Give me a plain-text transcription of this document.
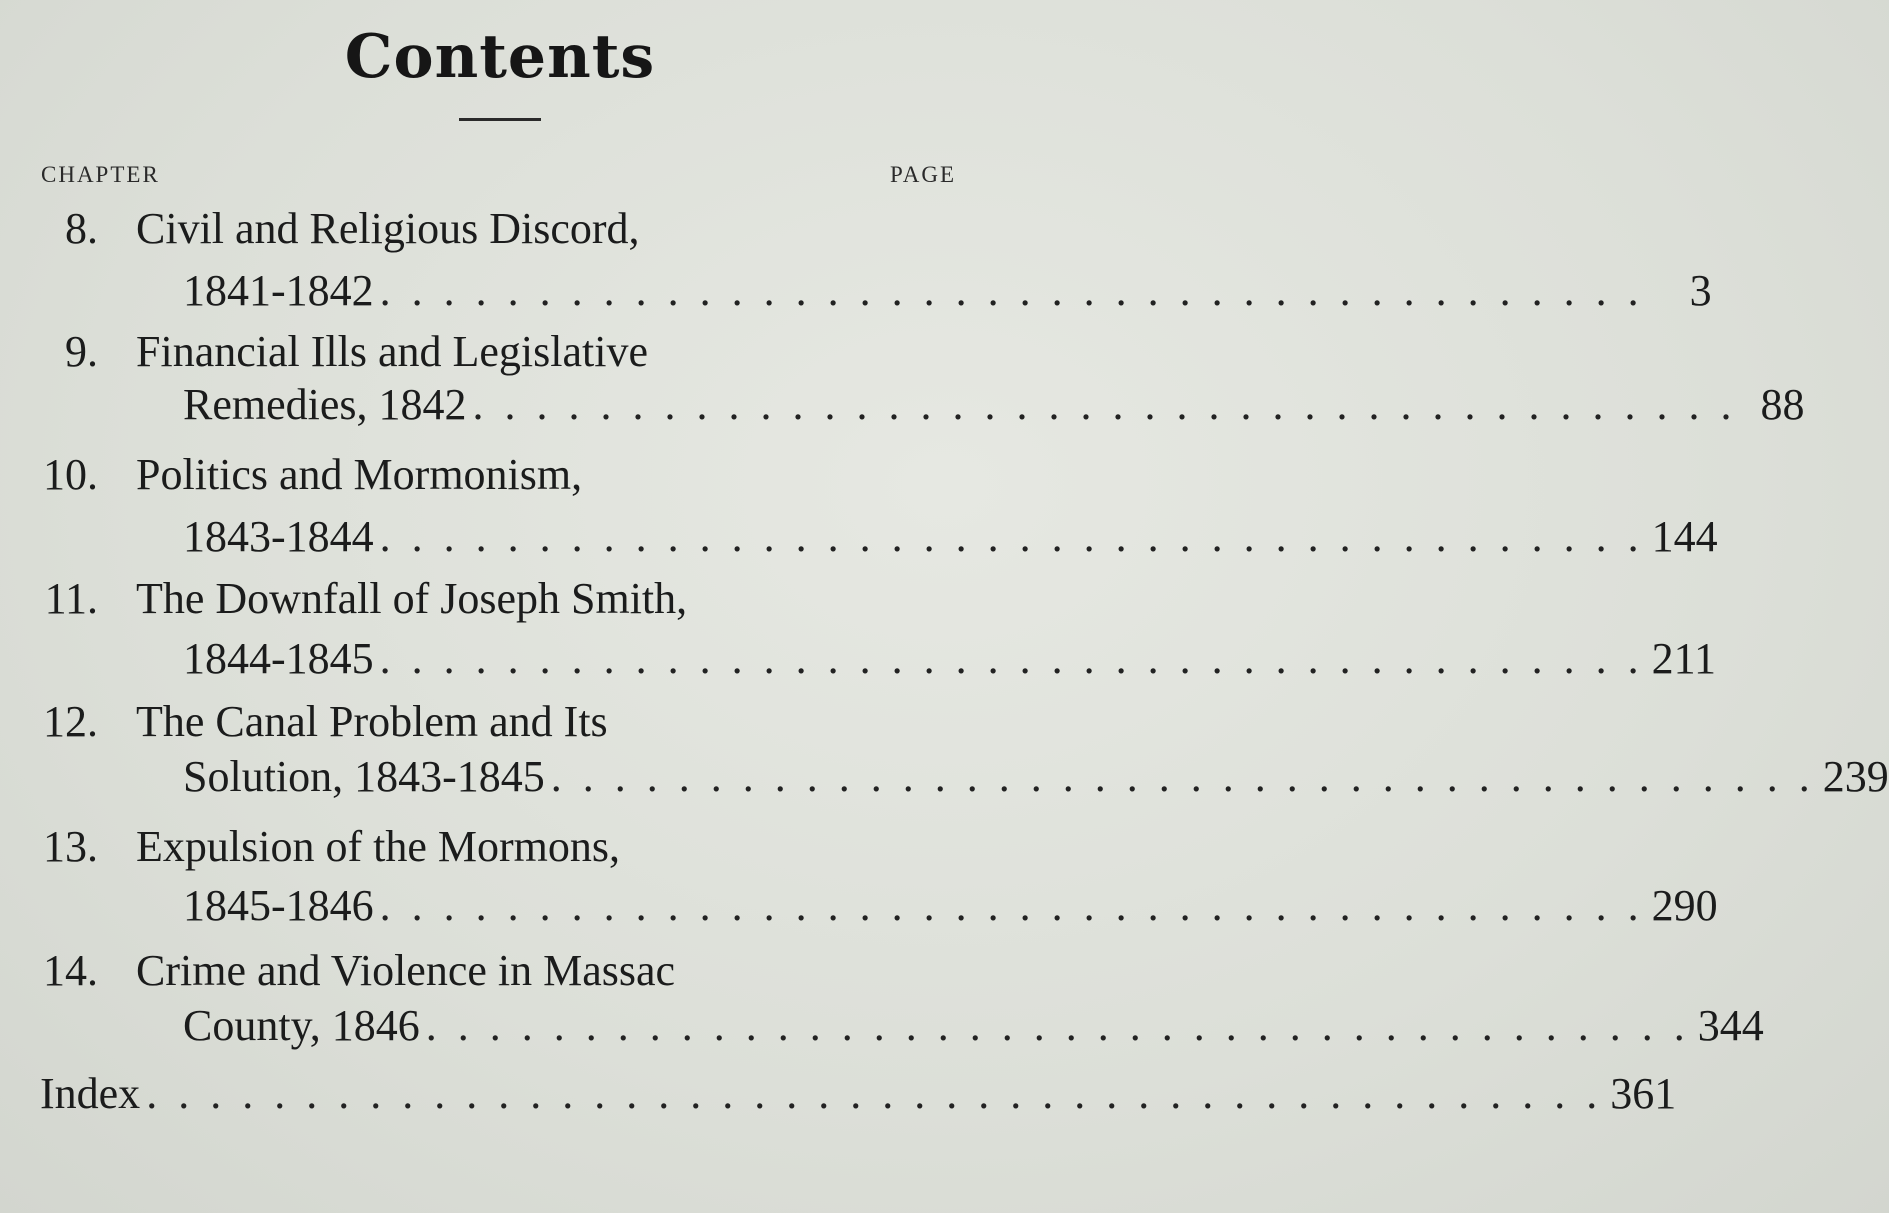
Contents
CHAPTER	PAGE
8. Civil and Religious Discord,
1841-1842 . . . . . . . . . . . . . . . . . . . . . . . . . . . . . . . . . . . . . . . .	3
9. Financial Ills and Legislative
Remedies, 1842 . . . . . . . . . . . . . . . . . . . . . . . . . . . . . . . . . . . . . . . . 88
10. Politics and Mormonism,
1843-1844 . . . . . . . . . . . . . . . . . . . . . . . . . . . . . . . . . . . . . . . . 144
11. The Downfall of Joseph Smith,
1844-1845 . . . . . . . . . . . . . . . . . . . . . . . . . . . . . . . . . . . . . . . . 211
12. The Canal Problem and Its
Solution, 1843-1845 . . . . . . . . . . . . . . . . . . . . . . . . . . . . . . . . . . . . . . . . 239
13. Expulsion of the Mormons,
1845-1846 . . . . . . . . . . . . . . . . . . . . . . . . . . . . . . . . . . . . . . . . 290
14. Crime and Violence in Massac
County, 1846 . . . . . . . . . . . . . . . . . . . . . . . . . . . . . . . . . . . . . . . . 344
Index . . . . . . . . . . . . . . . . . . . . . . . . . . . . . . . . . . . . . . . . . . . . . . 361
